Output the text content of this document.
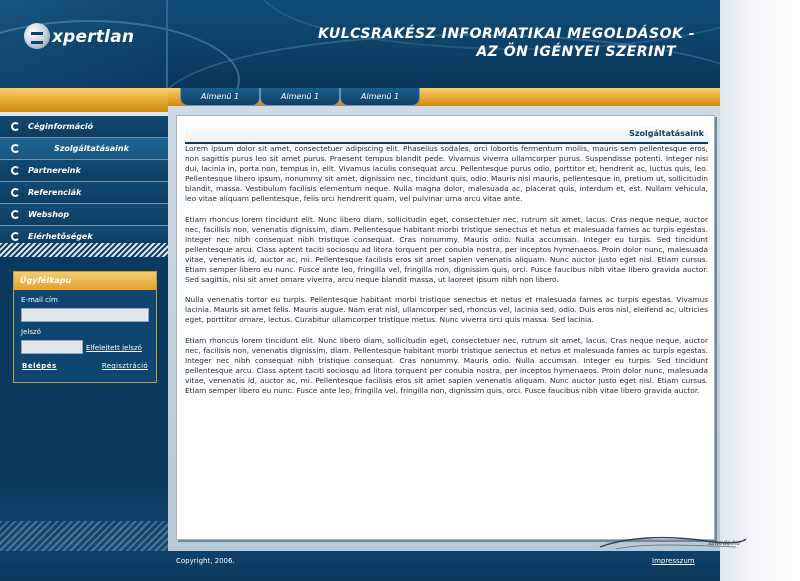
xpertlan	KULCSRAKÉSZ INFORMATIKAI MEGOLDÁSOK -
AZ ÖN IGÉNYEI SZERINT
Céginformáció
Szolgáltatásaink
Partnereink
Referenciák
Webshop
Elérhetőségek
Ügyfélkapu
E-mail cím
Jelszó
Elfelejtett jelszó
Belépés	Regisztráció
Almenü 1	Almenü 1	Almenü 1
Szolgáltatásaink

Lorem ipsum dolor sit amet, consectetuer adipiscing elit. Phasellus sodales, orci lobortis fermentum mollis, mauris sem pellentesque eros, non sagittis purus leo sit amet purus. Praesent tempus blandit pede. Vivamus viverra ullamcorper purus. Suspendisse potenti. Integer nisi dui, lacinia in, porta non, tempus in, elit. Vivamus iaculis consequat arcu. Pellentesque purus odio, porttitor et, hendrerit ac, luctus quis, leo. Pellentesque libero ipsum, nonummy sit amet, dignissim nec, tincidunt quis, odio. Mauris nisi mauris, pellentesque in, pretium ut, sollicitudin blandit, massa. Vestibulum facilisis elementum neque. Nulla magna dolor, malesuada ac, placerat quis, interdum et, est. Nullam vehicula, leo vitae aliquam pellentesque, felis orci hendrerit quam, vel pulvinar urna arcu vitae ante.

Etiam rhoncus lorem tincidunt elit. Nunc libero diam, sollicitudin eget, consectetuer nec, rutrum sit amet, lacus. Cras neque neque, auctor nec, facilisis non, venenatis dignissim, diam. Pellentesque habitant morbi tristique senectus et netus et malesuada fames ac turpis egestas. Integer nec nibh consequat nibh tristique consequat. Cras nonummy. Mauris odio. Nulla accumsan. Integer eu turpis. Sed tincidunt pellentesque arcu. Class aptent taciti sociosqu ad litora torquent per conubia nostra, per inceptos hymenaeos. Proin dolor nunc, malesuada vitae, venenatis id, auctor ac, mi. Pellentesque facilisis eros sit amet sapien venenatis aliquam. Nunc auctor justo eget nisl. Etiam cursus. Etiam semper libero eu nunc. Fusce ante leo, fringilla vel, fringilla non, dignissim quis, orci. Fusce faucibus nibh vitae libero gravida auctor. Sed sagittis, nisi sit amet ornare viverra, arcu neque blandit massa, ut laoreet ipsum nibh non libero.

Nulla venenatis tortor eu turpis. Pellentesque habitant morbi tristique senectus et netus et malesuada fames ac turpis egestas. Vivamus lacinia. Mauris sit amet felis. Mauris augue. Nam erat nisl, ullamcorper sed, rhoncus vel, lacinia sed, odio. Duis eros nisl, eleifend ac, ultricies eget, porttitor ornare, lectus. Curabitur ullamcorper tristique metus. Nunc viverra orci quis massa. Sed lacinia.

Etiam rhoncus lorem tincidunt elit. Nunc libero diam, sollicitudin eget, consectetuer nec, rutrum sit amet, lacus. Cras neque neque, auctor nec, facilisis non, venenatis dignissim, diam. Pellentesque habitant morbi tristique senectus et netus et malesuada fames ac turpis egestas. Integer nec nibh consequat nibh tristique consequat. Cras nonummy. Mauris odio. Nulla accumsan. Integer eu turpis. Sed tincidunt pellentesque arcu. Class aptent taciti sociosqu ad litora torquent per conubia nostra, per inceptos hymenaeos. Proin dolor nunc, malesuada vitae, venenatis id, auctor ac, mi. Pellentesque facilisis eros sit amet sapien venenatis aliquam. Nunc auctor justo eget nisl. Etiam cursus. Etiam semper libero eu nunc. Fusce ante leo, fringilla vel, fringilla non, dignissim quis, orci. Fusce faucibus nibh vitae libero gravida auctor.

Copyright, 2006.	Impresszum
szwedo.hu
